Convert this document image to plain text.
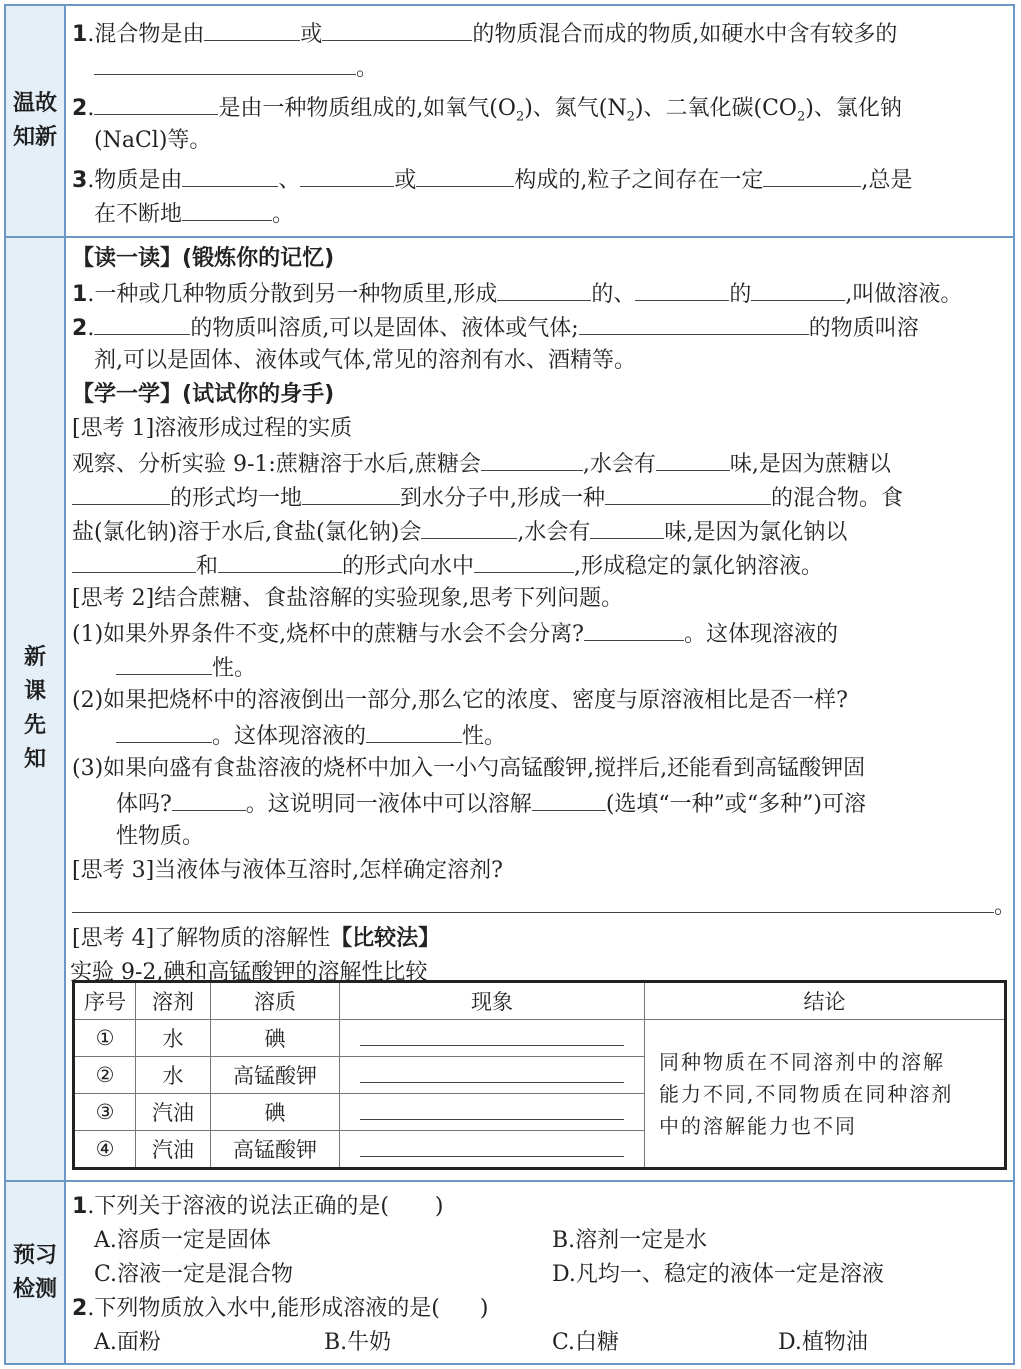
温故
知新
1.混合物是由	或	的物质混合而成的物质,如硬水中含有较多的
。
2.	是由一种物质组成的,如氧气$(O_2)$、氮气$(N_2)$、二氧化碳$(CO_2)$、氯化钠
(NaCl)等。
3.物质是由	、	或	构成的,粒子之间存在一定	,总是
在不断地	。
新
课
先
知
【读一读】(锻炼你的记忆)
1.一种或几种物质分散到另一种物质里,形成	的、	的	,叫做溶液。
2.	的物质叫溶质,可以是固体、液体或气体;	的物质叫溶
剂,可以是固体、液体或气体,常见的溶剂有水、酒精等。
【学一学】(试试你的身手)
[思考 1]溶液形成过程的实质
观察、分析实验 9-1:蔗糖溶于水后,蔗糖会	,水会有	味,是因为蔗糖以
的形式均一地	到水分子中,形成一种	的混合物。食
盐(氯化钠)溶于水后,食盐(氯化钠)会	,水会有	味,是因为氯化钠以
和	的形式向水中	,形成稳定的氯化钠溶液。
[思考 2]结合蔗糖、食盐溶解的实验现象,思考下列问题。
(1)如果外界条件不变,烧杯中的蔗糖与水会不会分离?	。这体现溶液的
性。
(2)如果把烧杯中的溶液倒出一部分,那么它的浓度、密度与原溶液相比是否一样?
。这体现溶液的	性。
(3)如果向盛有食盐溶液的烧杯中加入一小勺高锰酸钾,搅拌后,还能看到高锰酸钾固
体吗?	。这说明同一液体中可以溶解	(选填“一种”或“多种”)可溶
性物质。
[思考 3]当液体与液体互溶时,怎样确定溶剂?
。
[思考 4]了解物质的溶解性【比较法】
实验 9-2,碘和高锰酸钾的溶解性比较
序号	溶剂	溶质	现象	结论
①	水	碘		同种物质在不同溶剂中的溶解
能力不同,不同物质在同种溶剂
中的溶解能力也不同
②	水	高锰酸钾		
③	汽油	碘		
④	汽油	高锰酸钾		
预习
检测
1.下列关于溶液的说法正确的是( )
A.溶质一定是固体	B.溶剂一定是水
C.溶液一定是混合物	D.凡均一、稳定的液体一定是溶液
2.下列物质放入水中,能形成溶液的是( )
A.面粉	B.牛奶	C.白糖	D.植物油
